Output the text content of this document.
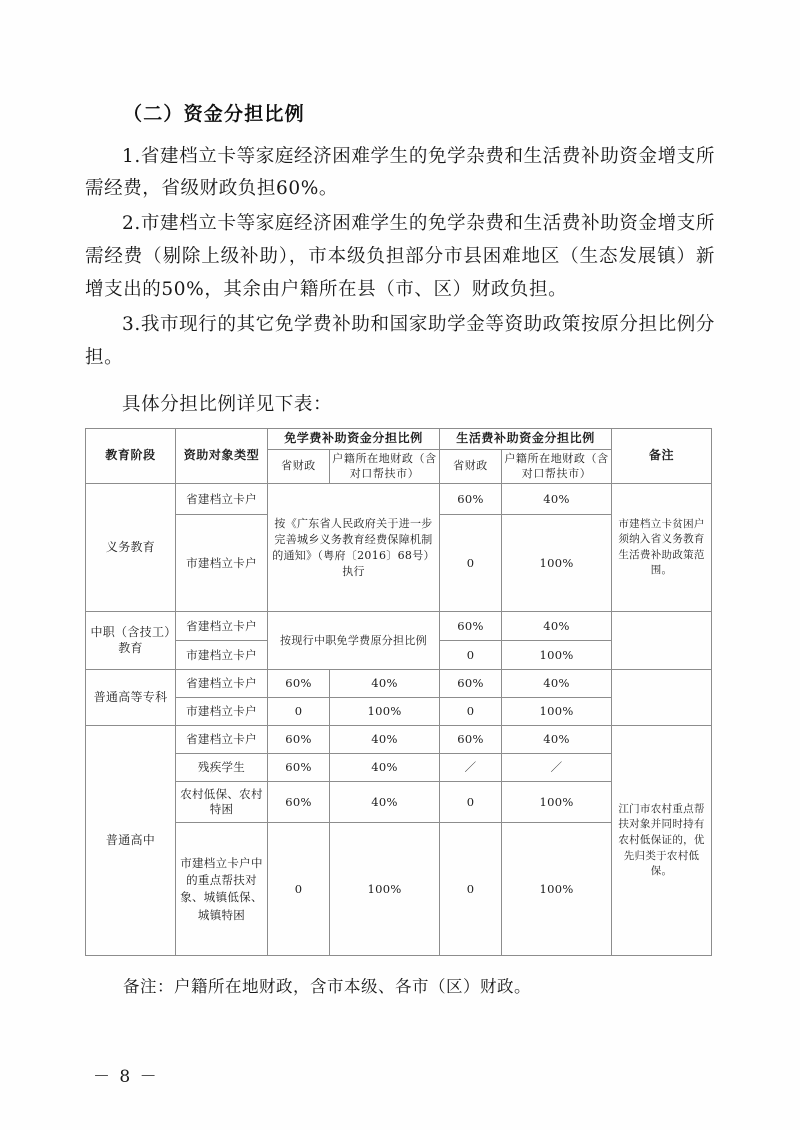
（二）资金分担比例

1.省建档立卡等家庭经济困难学生的免学杂费和生活费补助资金增支所需经费，省级财政负担60%。

2.市建档立卡等家庭经济困难学生的免学杂费和生活费补助资金增支所需经费（剔除上级补助），市本级负担部分市县困难地区（生态发展镇）新增支出的50%，其余由户籍所在县（市、区）财政负担。

3.我市现行的其它免学费补助和国家助学金等资助政策按原分担比例分担。

具体分担比例详见下表：

教育阶段	资助对象类型	免学费补助资金分担比例		生活费补助资金分担比例		备注
		省财政	户籍所在地财政（含对口帮扶市）	省财政	户籍所在地财政（含对口帮扶市）	
义务教育	省建档立卡户	按《广东省人民政府关于进一步完善城乡义务教育经费保障机制的通知》（粤府〔2016〕68号）执行		60%	40%	市建档立卡贫困户须纳入省义务教育生活费补助政策范围。
	市建档立卡户			0	100%	
中职（含技工）教育	省建档立卡户	按现行中职免学费原分担比例		60%	40%	
	市建档立卡户			0	100%	
普通高等专科	省建档立卡户	60%	40%	60%	40%	
	市建档立卡户	0	100%	0	100%	
普通高中	省建档立卡户	60%	40%	60%	40%	江门市农村重点帮扶对象并同时持有农村低保证的，优先归类于农村低保。
	残疾学生	60%	40%	／	／	
	农村低保、农村特困	60%	40%	0	100%	
	市建档立卡户中的重点帮扶对象、城镇低保、城镇特困	0	100%	0	100%	

备注：户籍所在地财政，含市本级、各市（区）财政。

－ 8 －
